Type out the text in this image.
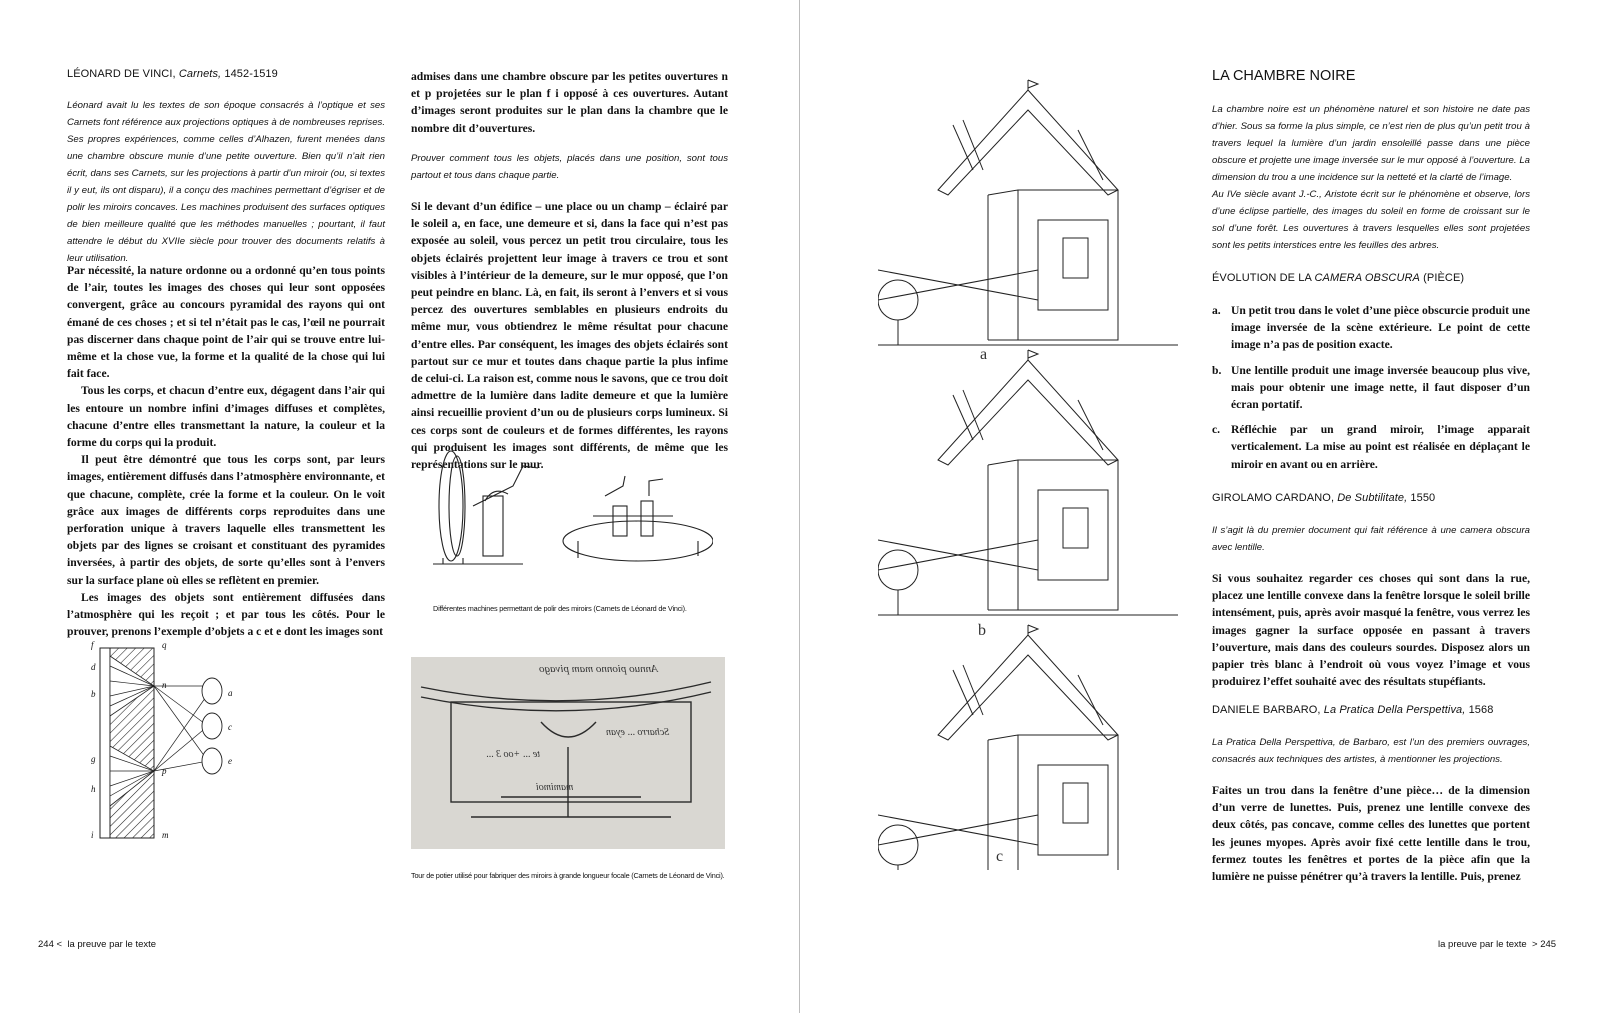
LÉONARD DE VINCI, Carnets, 1452-1519
Léonard avait lu les textes de son époque consacrés à l’optique et ses Carnets font référence aux projections optiques à de nombreuses reprises. Ses propres expériences, comme celles d’Alhazen, furent menées dans une chambre obscure munie d’une petite ouverture. Bien qu’il n’ait rien écrit, dans ses Carnets, sur les projections à partir d’un miroir (ou, si textes il y eut, ils ont disparu), il a conçu des machines permettant d’égriser et de polir les miroirs concaves. Les machines produisent des surfaces optiques de bien meilleure qualité que les méthodes manuelles ; pourtant, il faut attendre le début du XVIIe siècle pour trouver des documents relatifs à leur utilisation.

Par nécessité, la nature ordonne ou a ordonné qu’en tous points de l’air, toutes les images des choses qui leur sont opposées convergent, grâce au concours pyramidal des rayons qui ont émané de ces choses ; et si tel n’était pas le cas, l’œil ne pourrait pas discerner dans chaque point de l’air qui se trouve entre lui-même et la chose vue, la forme et la qualité de la chose qui lui fait face.

Tous les corps, et chacun d’entre eux, dégagent dans l’air qui les entoure un nombre infini d’images diffuses et complètes, chacune d’entre elles transmettant la nature, la couleur et la forme du corps qui la produit.

Il peut être démontré que tous les corps sont, par leurs images, entièrement diffusés dans l’atmosphère environnante, et que chacune, complète, crée la forme et la couleur. On le voit grâce aux images de différents corps reproduites dans une perforation unique à travers laquelle elles transmettent les objets par des lignes se croisant et constituant des pyramides inversées, à partir des objets, de sorte qu’elles sont à l’envers sur la surface plane où elles se reflètent en premier.

Les images des objets sont entièrement diffusées dans l’atmosphère qui les reçoit ; et par tous les côtés. Pour le prouver, prenons l’exemple d’objets a c et e dont les images sont

f	q
d
b
n
a
c
g
p
e
h
i	m
admises dans une chambre obscure par les petites ouvertures n et p projetées sur le plan f i opposé à ces ouvertures. Autant d’images seront produites sur le plan dans la chambre que le nombre dit d’ouvertures.
Prouver comment tous les objets, placés dans une position, sont tous partout et tous dans chaque partie.
Si le devant d’un édifice – une place ou un champ – éclairé par le soleil a, en face, une demeure et si, dans la face qui n’est pas exposée au soleil, vous percez un petit trou circulaire, tous les objets éclairés projettent leur image à travers ce trou et sont visibles à l’intérieur de la demeure, sur le mur opposé, que l’on peut peindre en blanc. Là, en fait, ils seront à l’envers et si vous percez des ouvertures semblables en plusieurs endroits du même mur, vous obtiendrez le même résultat pour chacune d’entre elles. Par conséquent, les images des objets éclairés sont partout sur ce mur et toutes dans chaque partie la plus infime de celui-ci. La raison est, comme nous le savons, que ce trou doit admettre de la lumière dans ladite demeure et que la lumière ainsi recueillie provient d’un ou de plusieurs corps lumineux. Si ces corps sont de couleurs et de formes différentes, les rayons qui produisent les images sont différents, de même que les représentations sur le mur.
Différentes machines permettant de polir des miroirs (Carnets de Léonard de Vinci).
Annuo pionno mam pivago
Scharro ... eyan
te ... +oo 3 ...
mamimoi
Tour de potier utilisé pour fabriquer des miroirs à grande longueur focale (Carnets de Léonard de Vinci).
244 < la preuve par le texte
a
b
c
LA CHAMBRE NOIRE
La chambre noire est un phénomène naturel et son histoire ne date pas d’hier. Sous sa forme la plus simple, ce n’est rien de plus qu’un petit trou à travers lequel la lumière d’un jardin ensoleillé passe dans une pièce obscure et projette une image inversée sur le mur opposé à l’ouverture. La dimension du trou a une incidence sur la netteté et la clarté de l’image.
Au IVe siècle avant J.-C., Aristote écrit sur le phénomène et observe, lors d’une éclipse partielle, des images du soleil en forme de croissant sur le sol d’une forêt. Les ouvertures à travers lesquelles elles sont projetées sont les petits interstices entre les feuilles des arbres.
ÉVOLUTION DE LA CAMERA OBSCURA (PIÈCE)
a. Un petit trou dans le volet d’une pièce obscurcie produit une image inversée de la scène extérieure. Le point de cette image n’a pas de position exacte.
b. Une lentille produit une image inversée beaucoup plus vive, mais pour obtenir une image nette, il faut disposer d’un écran portatif.
c. Réfléchie par un grand miroir, l’image apparait verticalement. La mise au point est réalisée en déplaçant le miroir en avant ou en arrière.
GIROLAMO CARDANO, De Subtilitate, 1550
Il s’agit là du premier document qui fait référence à une camera obscura avec lentille.
Si vous souhaitez regarder ces choses qui sont dans la rue, placez une lentille convexe dans la fenêtre lorsque le soleil brille intensément, puis, après avoir masqué la fenêtre, vous verrez les images gagner la surface opposée en passant à travers l’ouverture, mais dans des couleurs sourdes. Disposez alors un papier très blanc à l’endroit où vous voyez l’image et vous produirez l’effet souhaité avec des résultats stupéfiants.
DANIELE BARBARO, La Pratica Della Perspettiva, 1568
La Pratica Della Perspettiva, de Barbaro, est l’un des premiers ouvrages, consacrés aux techniques des artistes, à mentionner les projections.
Faites un trou dans la fenêtre d’une pièce… de la dimension d’un verre de lunettes. Puis, prenez une lentille convexe des deux côtés, pas concave, comme celles des lunettes que portent les jeunes myopes. Après avoir fixé cette lentille dans le trou, fermez toutes les fenêtres et portes de la pièce afin que la lumière ne puisse pénétrer qu’à travers la lentille. Puis, prenez
la preuve par le texte > 245
